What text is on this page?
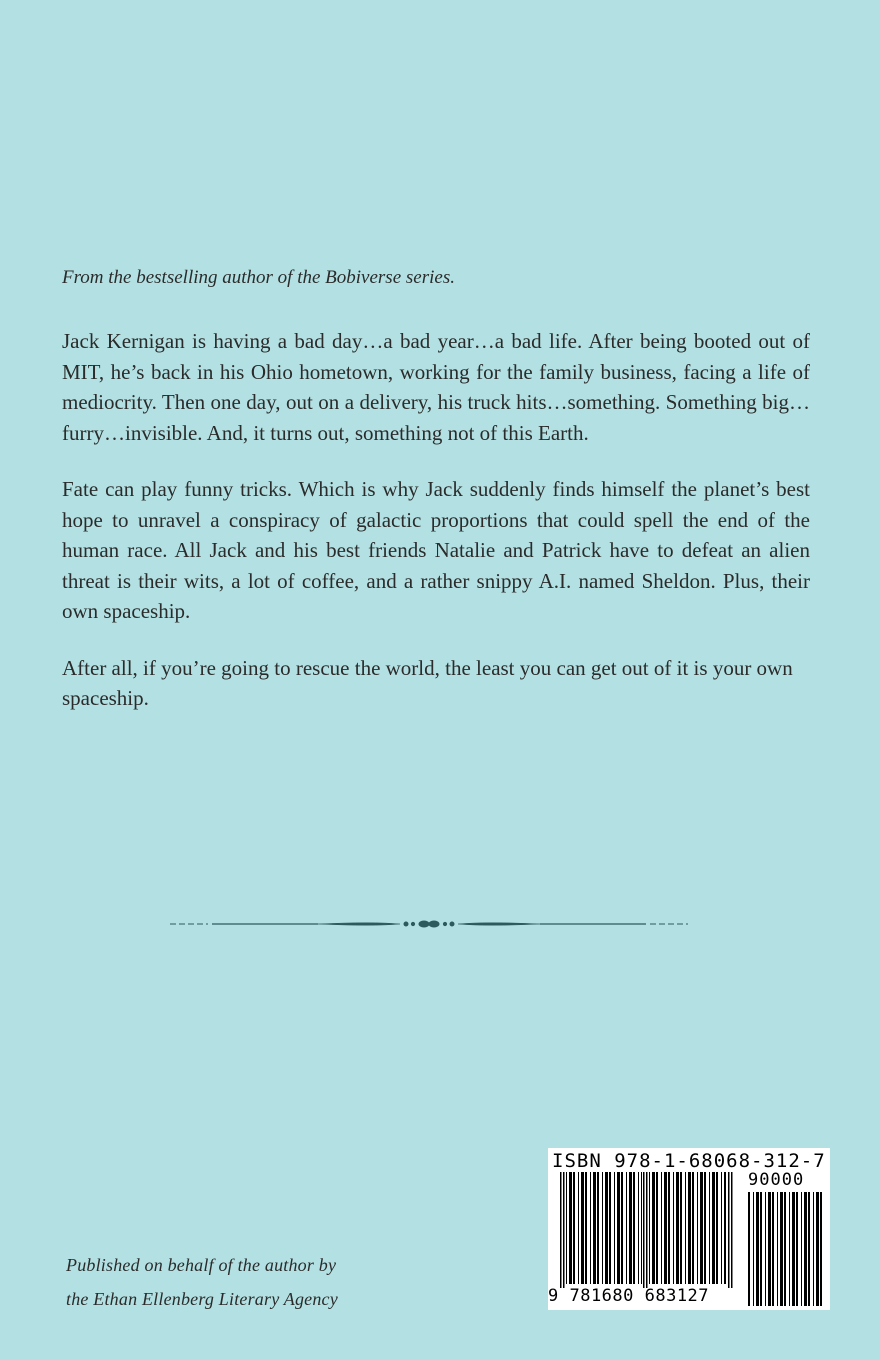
From the bestselling author of the Bobiverse series.

Jack Kernigan is having a bad day…a bad year…a bad life. After being booted out of MIT, he’s back in his Ohio hometown, working for the family business, facing a life of mediocrity. Then one day, out on a delivery, his truck hits…something. Something big… furry…invisible. And, it turns out, something not of this Earth.

Fate can play funny tricks. Which is why Jack suddenly finds himself the planet’s best hope to unravel a conspiracy of galactic proportions that could spell the end of the human race. All Jack and his best friends Natalie and Patrick have to defeat an alien threat is their wits, a lot of coffee, and a rather snippy A.I. named Sheldon. Plus, their own spaceship.

After all, if you’re going to rescue the world, the least you can get out of it is your own spaceship.

Published on behalf of the author by
the Ethan Ellenberg Literary Agency
ISBN 978-1-68068-312-7
90000
9 781680 683127
